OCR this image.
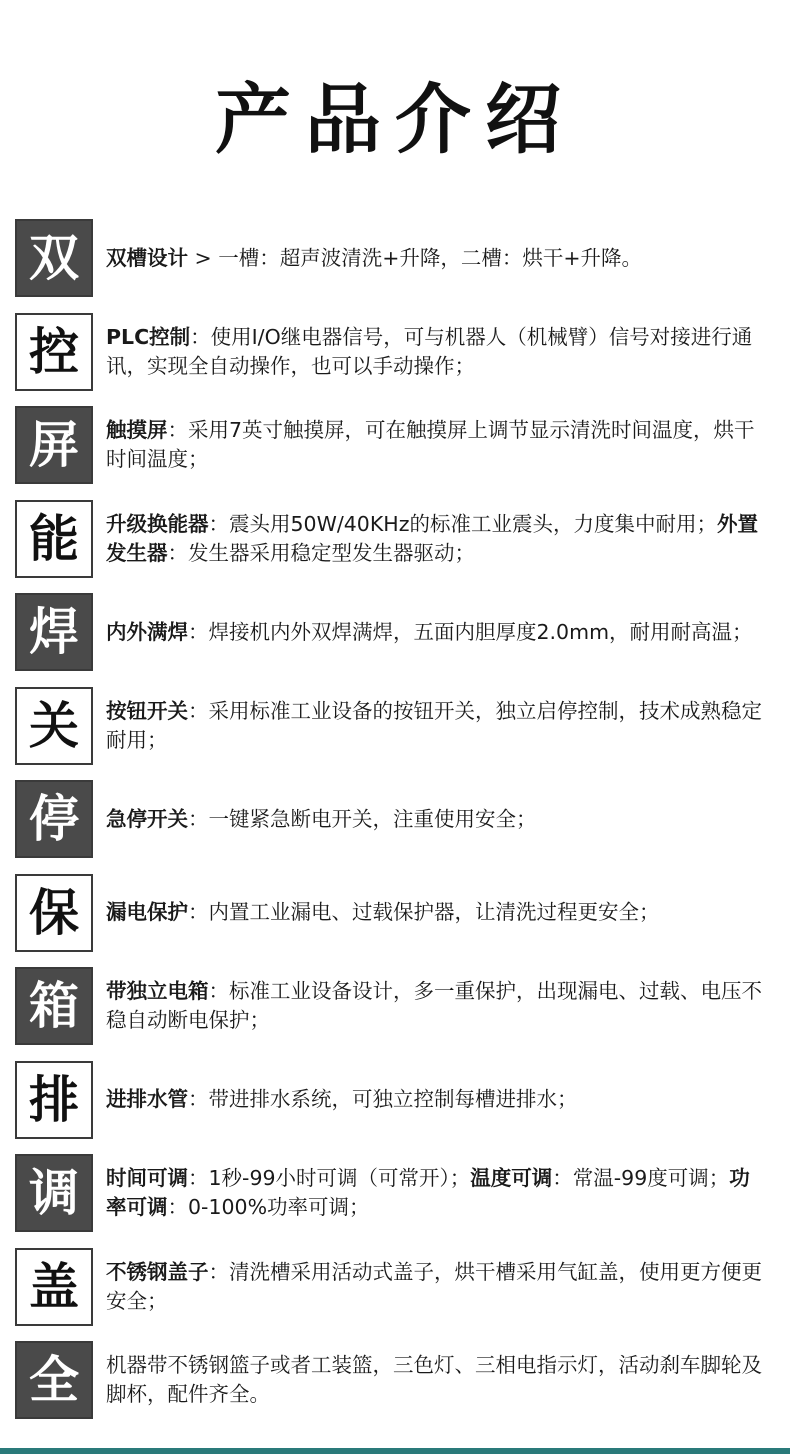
产品介绍
双	双槽设计 > 一槽：超声波清洗+升降，二槽：烘干+升降。

控	PLC控制：使用I/O继电器信号，可与机器人（机械臂）信号对接进行通讯，实现全自动操作，也可以手动操作；

屏	触摸屏：采用7英寸触摸屏，可在触摸屏上调节显示清洗时间温度，烘干时间温度；

能	升级换能器：震头用50W/40KHz的标准工业震头，力度集中耐用；外置发生器：发生器采用稳定型发生器驱动；

焊	内外满焊：焊接机内外双焊满焊，五面内胆厚度2.0mm，耐用耐高温；

关	按钮开关：采用标准工业设备的按钮开关，独立启停控制，技术成熟稳定耐用；

停	急停开关：一键紧急断电开关，注重使用安全；

保	漏电保护：内置工业漏电、过载保护器，让清洗过程更安全；

箱	带独立电箱：标准工业设备设计，多一重保护，出现漏电、过载、电压不稳自动断电保护；

排	进排水管：带进排水系统，可独立控制每槽进排水；

调	时间可调：1秒-99小时可调（可常开）；温度可调：常温-99度可调；功率可调：0-100%功率可调；

盖	不锈钢盖子：清洗槽采用活动式盖子，烘干槽采用气缸盖，使用更方便更安全；

全	机器带不锈钢篮子或者工装篮，三色灯、三相电指示灯，活动刹车脚轮及脚杯，配件齐全。
